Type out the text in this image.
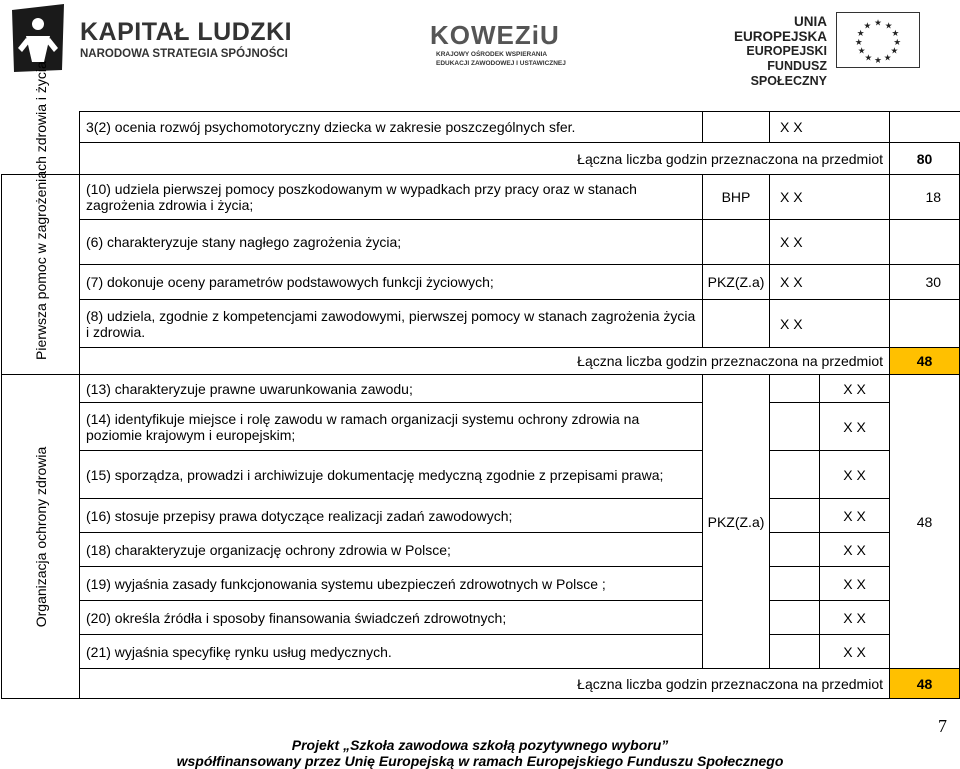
KAPITAŁ LUDZKI
NARODOWA STRATEGIA SPÓJNOŚCI
KOWEZiU
KRAJOWY OŚRODEK WSPIERANIA EDUKACJI ZAWODOWEJ I USTAWICZNEJ
UNIA EUROPEJSKA
EUROPEJSKI
FUNDUSZ SPOŁECZNY
★ ★
★
★
★
★
★
★
★
★
★
★
	3(2) ocenia rozwój psychomotoryczny dziecka w zakresie poszczególnych sfer.		X X		
	Łączna liczba godzin przeznaczona na przedmiot				80

Pierwsza pomoc w zagrożeniach zdrowia i życia	(10) udziela pierwszej pomocy poszkodowanym w wypadkach przy pracy oraz w stanach zagrożenia zdrowia i życia;	BHP	X X		18
	(6) charakteryzuje stany nagłego zagrożenia życia;		X X		
	(7) dokonuje oceny parametrów podstawowych funkcji życiowych;	PKZ(Z.a)	X X		30
	(8) udziela, zgodnie z kompetencjami zawodowymi, pierwszej pomocy w stanach zagrożenia życia i zdrowia.		X X		
	Łączna liczba godzin przeznaczona na przedmiot				48

Organizacja ochrony zdrowia	(13) charakteryzuje prawne uwarunkowania zawodu;	PKZ(Z.a)		X X	48
	(14) identyfikuje miejsce i rolę zawodu w ramach organizacji systemu ochrony zdrowia na poziomie krajowym i europejskim;			X X	
	(15) sporządza, prowadzi i archiwizuje dokumentację medyczną zgodnie z przepisami prawa;			X X	
	(16) stosuje przepisy prawa dotyczące realizacji zadań zawodowych;			X X	
	(18) charakteryzuje organizację ochrony zdrowia w Polsce;			X X	
	(19) wyjaśnia zasady funkcjonowania systemu ubezpieczeń zdrowotnych w Polsce ;			X X	
	(20) określa źródła i sposoby finansowania świadczeń zdrowotnych;			X X	
	(21) wyjaśnia specyfikę rynku usług medycznych.			X X	
	Łączna liczba godzin przeznaczona na przedmiot				48
7
Projekt „Szkoła zawodowa szkołą pozytywnego wyboru”
współfinansowany przez Unię Europejską w ramach Europejskiego Funduszu Społecznego
